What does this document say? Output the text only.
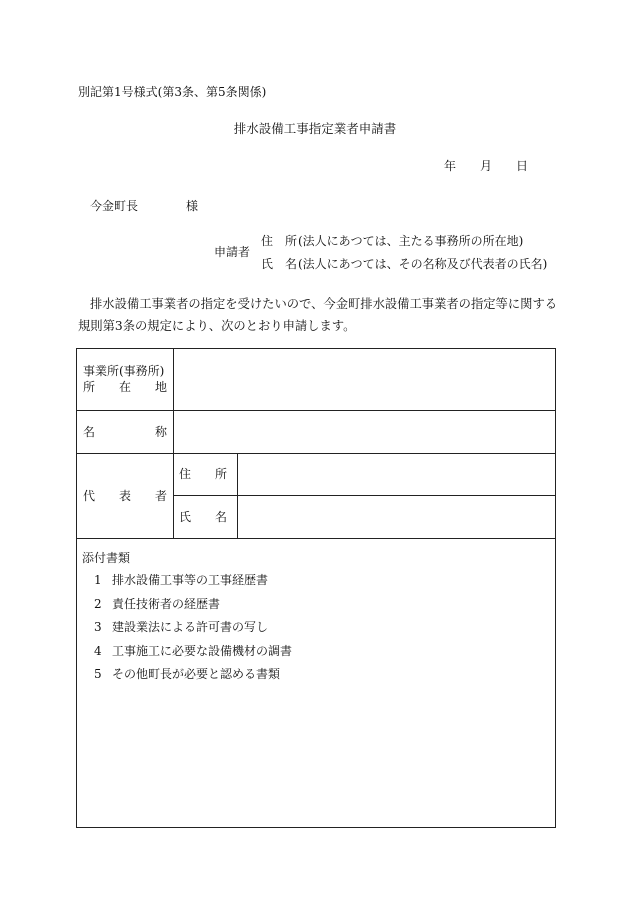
別記第1号様式(第3条、第5条関係)
排水設備工事指定業者申請書
年 月 日
今金町長	様
申請者
住　所(法人にあつては、主たる事務所の所在地)
氏　名(法人にあつては、その名称及び代表者の氏名)
排水設備工事業者の指定を受けたいので、今金町排水設備工事業者の指定等に関する規則第3条の規定により、次のとおり申請します。
事業所(事務所)
所　　在　　地
名　　　　　称
代　　表　　者
住　　所
氏　　名
添付書類
1 排水設備工事等の工事経歴書
2 責任技術者の経歴書
3 建設業法による許可書の写し
4 工事施工に必要な設備機材の調書
5 その他町長が必要と認める書類
